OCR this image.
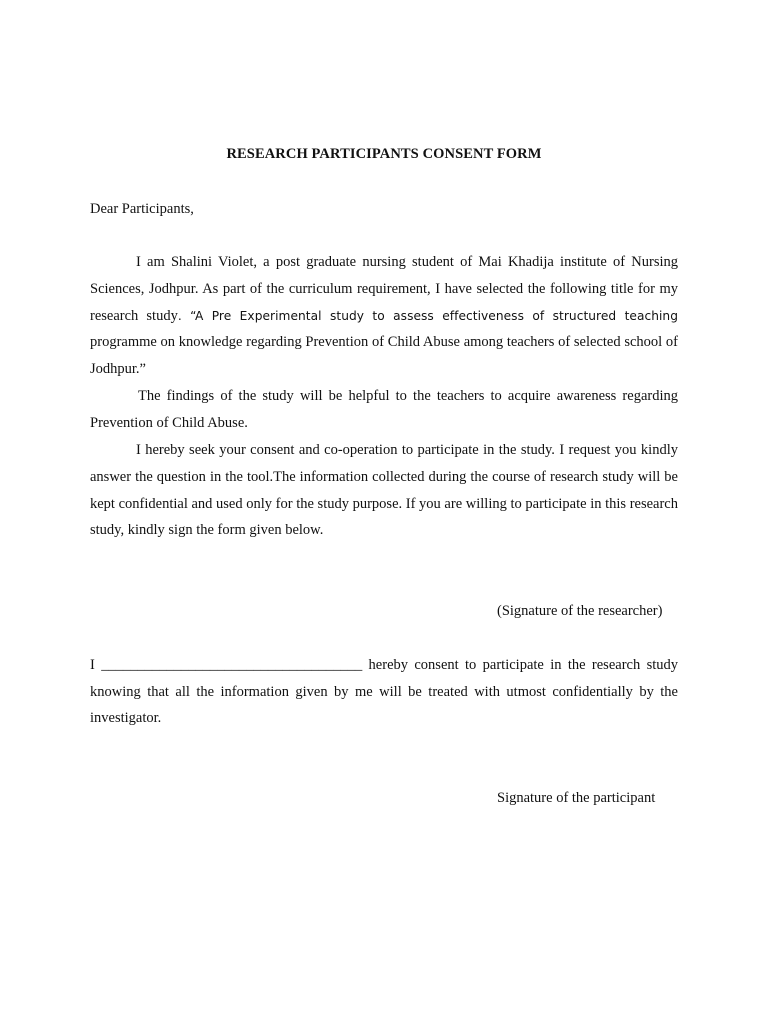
RESEARCH PARTICIPANTS CONSENT FORM
Dear Participants,
I am Shalini Violet, a post graduate nursing student of Mai Khadija institute of Nursing Sciences, Jodhpur. As part of the curriculum requirement, I have selected the following title for my research study. “A Pre Experimental study to assess effectiveness of structured teaching programme on knowledge regarding Prevention of Child Abuse among teachers of selected school of Jodhpur.”
The findings of the study will be helpful to the teachers to acquire awareness regarding Prevention of Child Abuse.
I hereby seek your consent and co-operation to participate in the study. I request you kindly answer the question in the tool.The information collected during the course of research study will be kept confidential and used only for the study purpose. If you are willing to participate in this research study, kindly sign the form given below.
(Signature of the researcher)
I ____________________________________ hereby consent to participate in the research study knowing that all the information given by me will be treated with utmost confidentially by the investigator.
Signature of the participant
